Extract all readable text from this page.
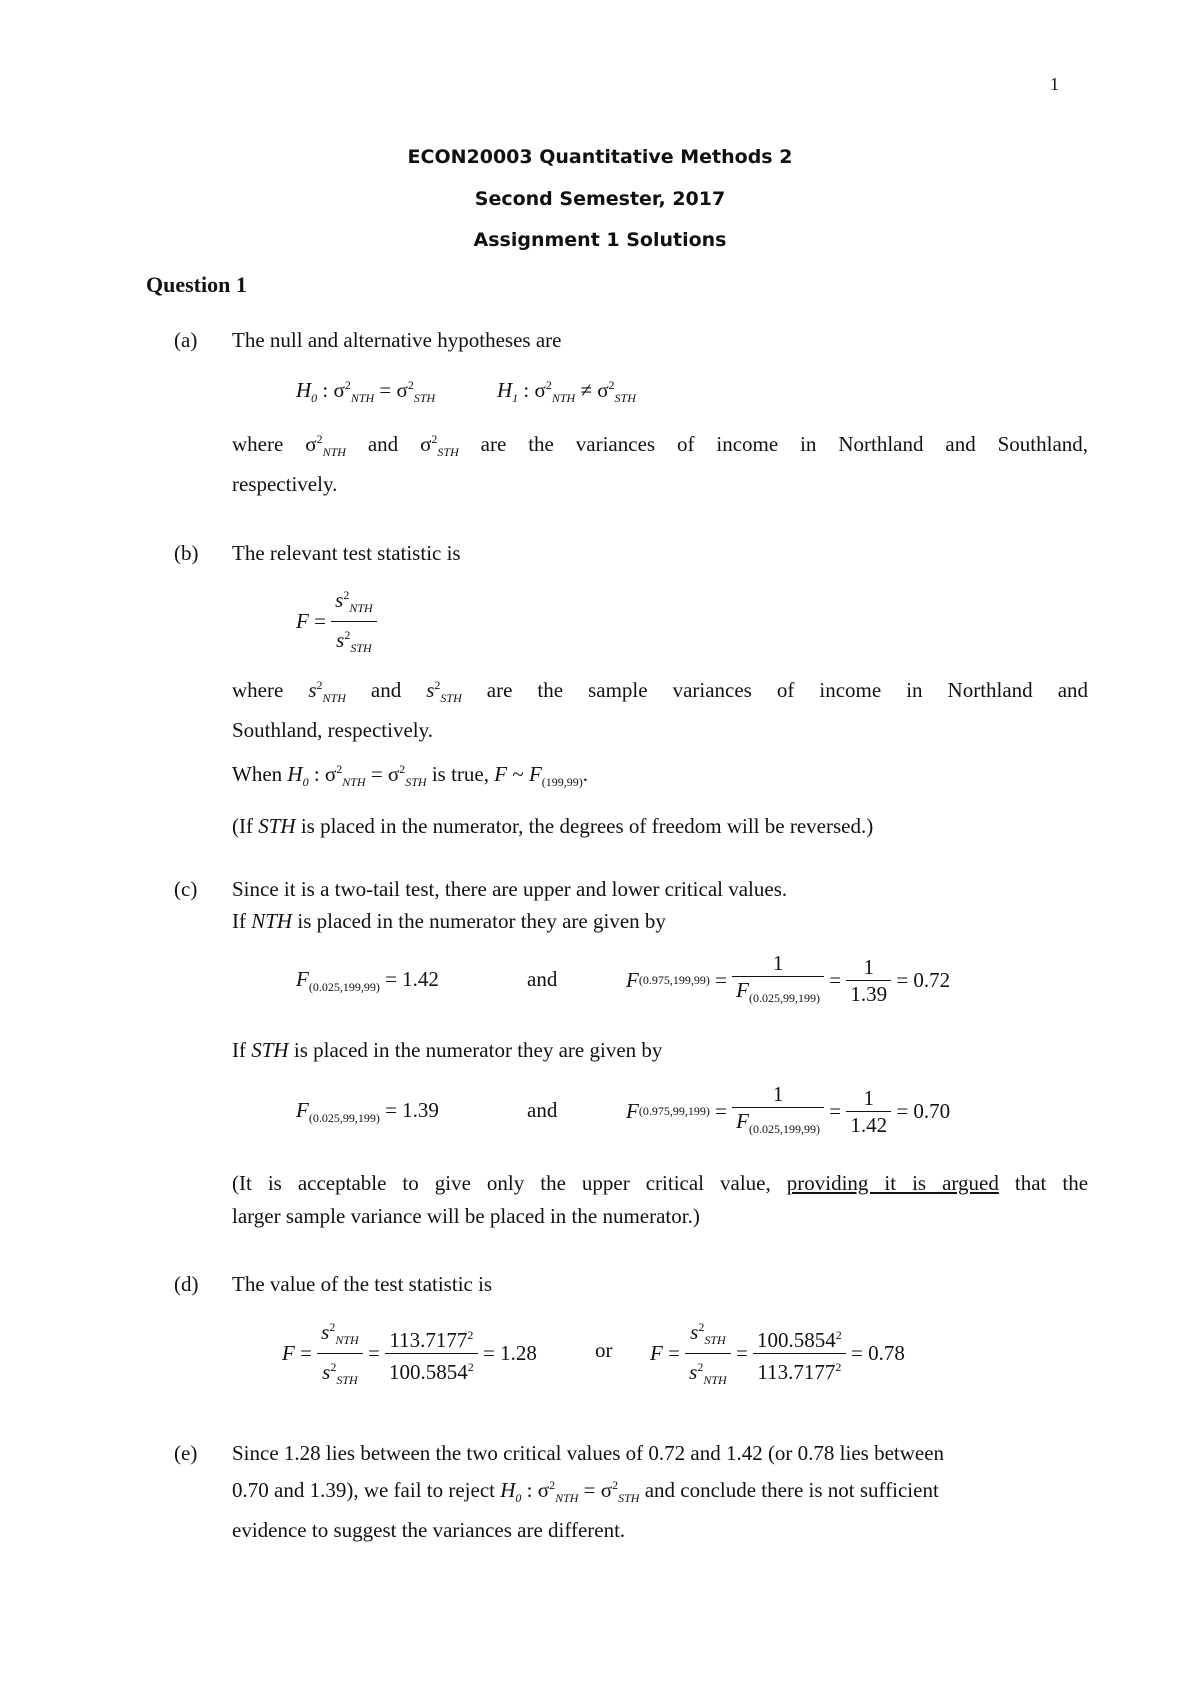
1
ECON20003 Quantitative Methods 2
Second Semester, 2017
Assignment 1 Solutions
Question 1
(a) The null and alternative hypotheses are
$H_0$ : $\sigma^2_{NTH} = \sigma^2_{STH}$	$H_1$ : $\sigma^2_{NTH} \ne \sigma^2_{STH}$
where $\sigma^2_{NTH}$ and $\sigma^2_{STH}$ are the variances of income in Northland and Southland,
respectively.
(b) The relevant test statistic is
$F = \frac{s^2_{NTH}}{s^2_{STH}}$
where $s^2_{NTH}$ and $s^2_{STH}$ are the sample variances of income in Northland and
Southland, respectively.
When $H_0$ : $\sigma^2_{NTH} = \sigma^2_{STH}$ is true, F ~ $F_{(199,99)}$.
(If STH is placed in the numerator, the degrees of freedom will be reversed.)
(c) Since it is a two-tail test, there are upper and lower critical values.
If NTH is placed in the numerator they are given by
$F_{(0.025,199,99)} = 1.42$	and	F $(0.975,199,99) = \frac{1}{F_{(0.025,99,199)}} = \frac{1}{1.39}$
= 0.72
If STH is placed in the numerator they are given by
$F_{(0.025,99,199)} = 1.39$	and	F $(0.975,99,199) = \frac{1}{F_{(0.025,199,99)}} = \frac{1}{1.42}$
= 0.70
(It is acceptable to give only the upper critical value, providing it is argued that the
larger sample variance will be placed in the numerator.)
(d) The value of the test statistic is
$F = \frac{s^2_{NTH}}{s^2_{STH}} = \frac{113.7177^2}{100.5854^2}$
= 1.28	or $F = \frac{s^2_{STH}}{s^2_{NTH}} = \frac{100.5854^2}{113.7177^2}$
= 0.78
(e) Since 1.28 lies between the two critical values of 0.72 and 1.42 (or 0.78 lies between
0.70 and 1.39), we fail to reject $H_0$ : $\sigma^2_{NTH} = \sigma^2_{STH}$ and conclude there is not sufficient
evidence to suggest the variances are different.
